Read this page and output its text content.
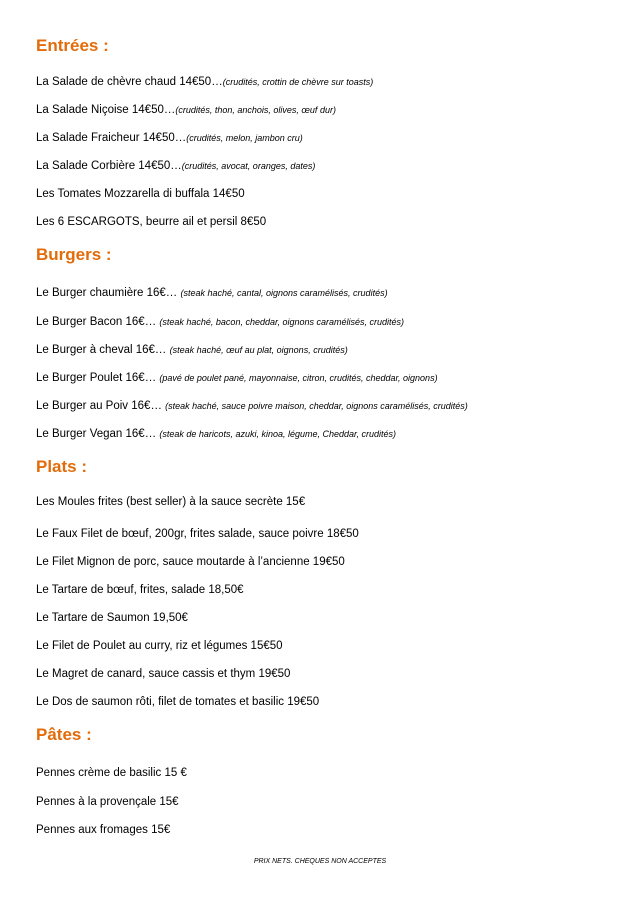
Entrées :

La Salade de chèvre chaud 14€50…(crudités, crottin de chèvre sur toasts)

La Salade Niçoise 14€50…(crudités, thon, anchois, olives, œuf dur)

La Salade Fraicheur 14€50…(crudités, melon, jambon cru)

La Salade Corbière 14€50…(crudités, avocat, oranges, dates)

Les Tomates Mozzarella di buffala 14€50

Les 6 ESCARGOTS, beurre ail et persil 8€50

Burgers :

Le Burger chaumière 16€… (steak haché, cantal, oignons caramélisés, crudités)

Le Burger Bacon 16€… (steak haché, bacon, cheddar, oignons caramélisés, crudités)

Le Burger à cheval 16€… (steak haché, œuf au plat, oignons, crudités)

Le Burger Poulet 16€… (pavé de poulet pané, mayonnaise, citron, crudités, cheddar, oignons)

Le Burger au Poiv 16€… (steak haché, sauce poivre maison, cheddar, oignons caramélisés, crudités)

Le Burger Vegan 16€… (steak de haricots, azuki, kinoa, légume, Cheddar, crudités)

Plats :

Les Moules frites (best seller) à la sauce secrète 15€

Le Faux Filet de bœuf, 200gr, frites salade, sauce poivre 18€50

Le Filet Mignon de porc, sauce moutarde à l’ancienne 19€50

Le Tartare de bœuf, frites, salade 18,50€

Le Tartare de Saumon 19,50€

Le Filet de Poulet au curry, riz et légumes 15€50

Le Magret de canard, sauce cassis et thym 19€50

Le Dos de saumon rôti, filet de tomates et basilic 19€50

Pâtes :

Pennes crème de basilic 15 €

Pennes à la provençale 15€

Pennes aux fromages 15€

PRIX NETS. CHEQUES NON ACCEPTES
